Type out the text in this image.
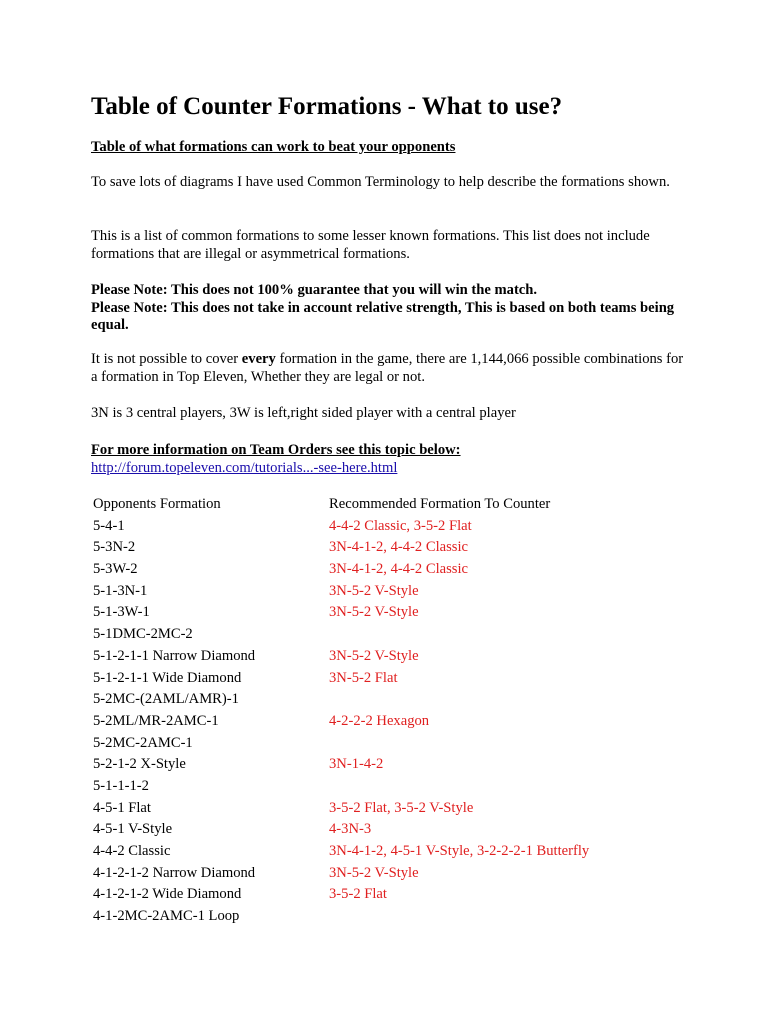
Table of Counter Formations - What to use?
Table of what formations can work to beat your opponents

To save lots of diagrams I have used Common Terminology to help describe the formations shown.

This is a list of common formations to some lesser known formations. This list does not include formations that are illegal or asymmetrical formations.

Please Note: This does not 100% guarantee that you will win the match.

Please Note: This does not take in account relative strength, This is based on both teams being equal.

It is not possible to cover every formation in the game, there are 1,144,066 possible combinations for a formation in Top Eleven, Whether they are legal or not.

3N is 3 central players, 3W is left,right sided player with a central player

For more information on Team Orders see this topic below:

http://forum.topeleven.com/tutorials...-see-here.html

Opponents Formation	Recommended Formation To Counter
5-4-1	4-4-2 Classic, 3-5-2 Flat
5-3N-2	3N-4-1-2, 4-4-2 Classic
5-3W-2	3N-4-1-2, 4-4-2 Classic
5-1-3N-1	3N-5-2 V-Style
5-1-3W-1	3N-5-2 V-Style
5-1DMC-2MC-2
5-1-2-1-1 Narrow Diamond	3N-5-2 V-Style
5-1-2-1-1 Wide Diamond	3N-5-2 Flat
5-2MC-(2AML/AMR)-1
5-2ML/MR-2AMC-1	4-2-2-2 Hexagon
5-2MC-2AMC-1
5-2-1-2 X-Style	3N-1-4-2
5-1-1-1-2
4-5-1 Flat	3-5-2 Flat, 3-5-2 V-Style
4-5-1 V-Style	4-3N-3
4-4-2 Classic	3N-4-1-2, 4-5-1 V-Style, 3-2-2-2-1 Butterfly
4-1-2-1-2 Narrow Diamond	3N-5-2 V-Style
4-1-2-1-2 Wide Diamond	3-5-2 Flat
4-1-2MC-2AMC-1 Loop
